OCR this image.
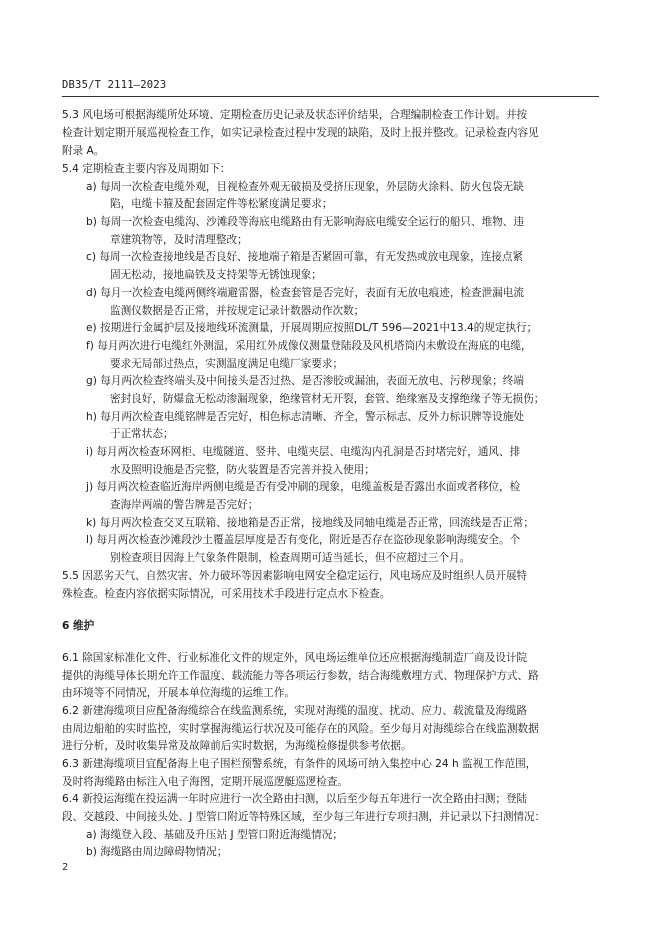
DB35/T 2111—2023
5.3 风电场可根据海缆所处环境、定期检查历史记录及状态评价结果，合理编制检查工作计划。并按
检查计划定期开展巡视检查工作，如实记录检查过程中发现的缺陷，及时上报并整改。记录检查内容见
附录 A。
5.4 定期检查主要内容及周期如下：
a) 每周一次检查电缆外观，目视检查外观无破损及受挤压现象，外层防火涂料、防火包袋无缺
陷，电缆卡箍及配套固定件等松紧度满足要求；
b) 每周一次检查电缆沟、沙滩段等海底电缆路由有无影响海底电缆安全运行的船只、堆物、违
章建筑物等，及时清理整改；
c) 每周一次检查接地线是否良好、接地端子箱是否紧固可靠，有无发热或放电现象，连接点紧
固无松动，接地扁铁及支持架等无锈蚀现象；
d) 每月一次检查电缆两侧终端避雷器，检查套管是否完好，表面有无放电痕迹，检查泄漏电流
监测仪数据是否正常，并按规定记录计数器动作次数；
e) 按期进行金属护层及接地线环流测量，开展周期应按照DL/T 596—2021中13.4的规定执行；
f) 每月两次进行电缆红外测温，采用红外成像仪测量登陆段及风机塔筒内未敷设在海底的电缆，
要求无局部过热点，实测温度满足电缆厂家要求；
g) 每月两次检查终端头及中间接头是否过热、是否渗胶或漏油，表面无放电、污秽现象；终端
密封良好，防爆盒无松动渗漏现象，绝缘管材无开裂，套管、绝缘塞及支撑绝缘子等无损伤；
h) 每月两次检查电缆铭牌是否完好，相色标志清晰、齐全，警示标志、反外力标识牌等设施处
于正常状态；
i) 每月两次检查环网柜、电缆隧道、竖井、电缆夹层、电缆沟内孔洞是否封堵完好，通风、排
水及照明设施是否完整，防火装置是否完善并投入使用；
j) 每月两次检查临近海岸两侧电缆是否有受冲刷的现象，电缆盖板是否露出水面或者移位，检
查海岸两端的警告牌是否完好；
k) 每月两次检查交叉互联箱、接地箱是否正常，接地线及同轴电缆是否正常，回流线是否正常；
l) 每月两次检查沙滩段沙土覆盖层厚度是否有变化，附近是否存在盗砂现象影响海缆安全。个
别检查项目因海上气象条件限制，检查周期可适当延长，但不应超过三个月。
5.5 因恶劣天气、自然灾害、外力破坏等因素影响电网安全稳定运行，风电场应及时组织人员开展特
殊检查。检查内容依据实际情况，可采用技术手段进行定点水下检查。
6 维护
6.1 除国家标准化文件、行业标准化文件的规定外，风电场运维单位还应根据海缆制造厂商及设计院
提供的海缆导体长期允许工作温度、载流能力等各项运行参数，结合海缆敷埋方式、物理保护方式、路
由环境等不同情况，开展本单位海缆的运维工作。
6.2 新建海缆项目应配备海缆综合在线监测系统，实现对海缆的温度、扰动、应力、载流量及海缆路
由周边船舶的实时监控，实时掌握海缆运行状况及可能存在的风险。至少每月对海缆综合在线监测数据
进行分析，及时收集异常及故障前后实时数据，为海缆检修提供参考依据。
6.3 新建海缆项目宜配备海上电子围栏预警系统，有条件的风场可纳入集控中心 24 h 监视工作范围，
及时将海缆路由标注入电子海图，定期开展巡逻艇巡逻检查。
6.4 新投运海缆在投运满一年时应进行一次全路由扫测，以后至少每五年进行一次全路由扫测；登陆
段、交越段、中间接头处、J 型管口附近等特殊区域，至少每三年进行专项扫测，并记录以下扫测情况：
a) 海缆登入段、基础及升压站 J 型管口附近海缆情况；
b) 海缆路由周边障碍物情况；
2
